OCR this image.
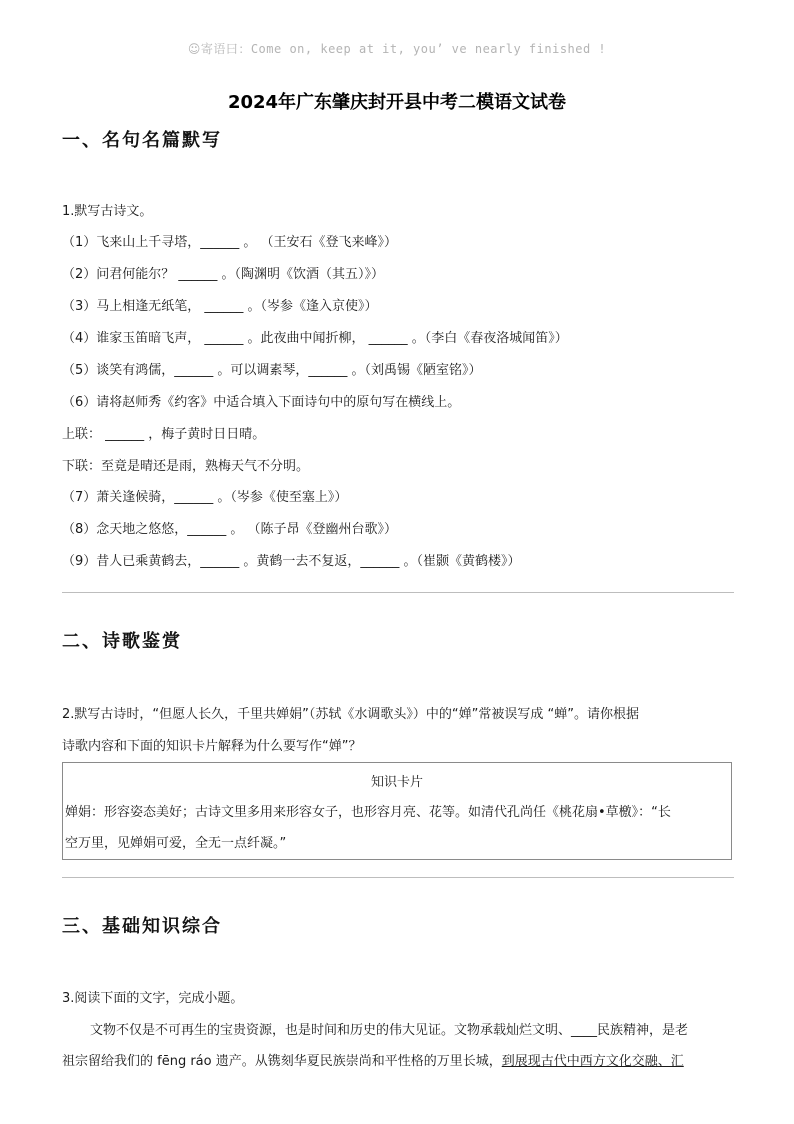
☺寄语曰：Come on, keep at it, you’ ve nearly finished !
2024年广东肇庆封开县中考二模语文试卷
一、名句名篇默写
1.默写古诗文。
（1）飞来山上千寻塔，______ 。 （王安石《登飞来峰》）
（2）问君何能尔？ ______ 。（陶渊明《饮酒（其五）》）
（3）马上相逢无纸笔， ______ 。（岑参《逢入京使》）
（4）谁家玉笛暗飞声， ______ 。此夜曲中闻折柳， ______ 。（李白《春夜洛城闻笛》）
（5）谈笑有鸿儒，______ 。可以调素琴，______ 。（刘禹锡《陋室铭》）
（6）请将赵师秀《约客》中适合填入下面诗句中的原句写在横线上。
上联： ______ ，梅子黄时日日晴。
下联：至竟是晴还是雨，熟梅天气不分明。
（7）萧关逢候骑，______ 。（岑参《使至塞上》）
（8）念天地之悠悠，______ 。 （陈子昂《登幽州台歌》）
（9）昔人已乘黄鹤去，______ 。黄鹤一去不复返，______ 。（崔颢《黄鹤楼》）
二、诗歌鉴赏
2.默写古诗时，“但愿人长久，千里共婵娟”（苏轼《水调歌头》）中的“婵”常被误写成 “蝉”。请你根据
诗歌内容和下面的知识卡片解释为什么要写作“婵”？
知识卡片
婵娟：形容姿态美好；古诗文里多用来形容女子，也形容月亮、花等。如清代孔尚任《桃花扇•草檄》：“长
空万里，见婵娟可爱，全无一点纤凝。”
三、基础知识综合
3.阅读下面的文字，完成小题。
文物不仅是不可再生的宝贵资源，也是时间和历史的伟大见证。文物承载灿烂文明、____民族精神，是老
祖宗留给我们的 fēng ráo 遗产。从镌刻华夏民族崇尚和平性格的万里长城，到展现古代中西方文化交融、汇
